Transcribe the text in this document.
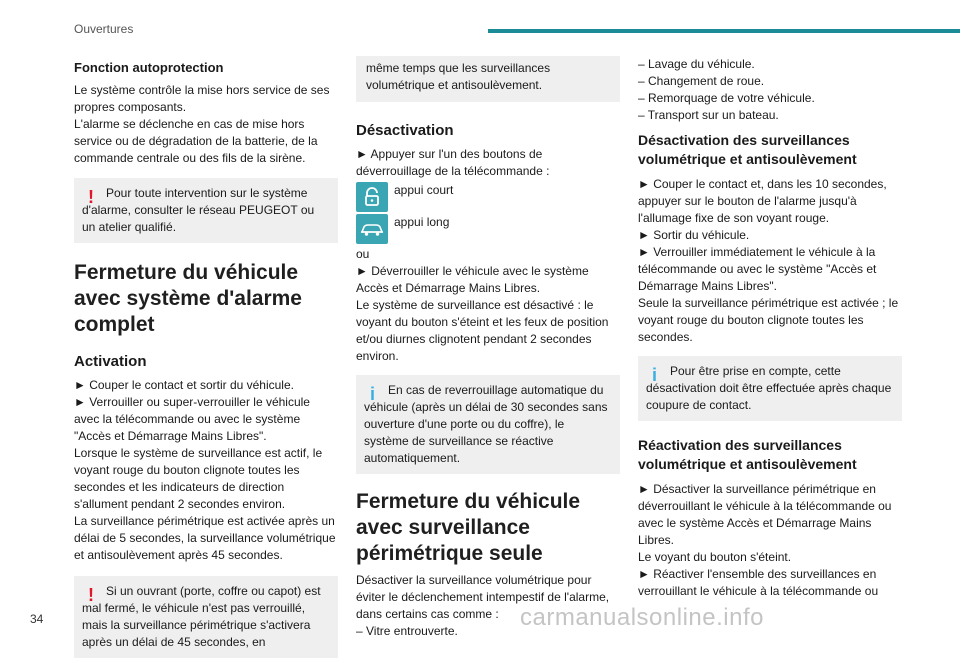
Ouvertures
Fonction autoprotection

Le système contrôle la mise hors service de ses propres composants.

L'alarme se déclenche en cas de mise hors service ou de dégradation de la batterie, de la commande centrale ou des fils de la sirène.

!	Pour toute intervention sur le système d'alarme, consulter le réseau PEUGEOT ou un atelier qualifié.

Fermeture du véhicule avec système d'alarme complet
Activation

► Couper le contact et sortir du véhicule.

► Verrouiller ou super-verrouiller le véhicule avec la télécommande ou avec le système "Accès et Démarrage Mains Libres".

Lorsque le système de surveillance est actif, le voyant rouge du bouton clignote toutes les secondes et les indicateurs de direction s'allument pendant 2 secondes environ.

La surveillance périmétrique est activée après un délai de 5 secondes, la surveillance volumétrique et antisoulèvement après 45 secondes.

!	Si un ouvrant (porte, coffre ou capot) est mal fermé, le véhicule n'est pas verrouillé, mais la surveillance périmétrique s'activera après un délai de 45 secondes, en

même temps que les surveillances volumétrique et antisoulèvement.

Désactivation

► Appuyer sur l'un des boutons de déverrouillage de la télécommande :

appui court
appui long

ou

► Déverrouiller le véhicule avec le système Accès et Démarrage Mains Libres.

Le système de surveillance est désactivé : le voyant du bouton s'éteint et les feux de position et/ou diurnes clignotent pendant 2 secondes environ.

i	En cas de reverrouillage automatique du véhicule (après un délai de 30 secondes sans ouverture d'une porte ou du coffre), le système de surveillance se réactive automatiquement.

Fermeture du véhicule avec surveillance périmétrique seule

Désactiver la surveillance volumétrique pour éviter le déclenchement intempestif de l'alarme, dans certains cas comme :

– Vitre entrouverte.

– Lavage du véhicule.

– Changement de roue.

– Remorquage de votre véhicule.

– Transport sur un bateau.

Désactivation des surveillances volumétrique et antisoulèvement

► Couper le contact et, dans les 10 secondes, appuyer sur le bouton de l'alarme jusqu'à l'allumage fixe de son voyant rouge.

► Sortir du véhicule.

► Verrouiller immédiatement le véhicule à la télécommande ou avec le système "Accès et Démarrage Mains Libres".

Seule la surveillance périmétrique est activée ; le voyant rouge du bouton clignote toutes les secondes.

i	Pour être prise en compte, cette désactivation doit être effectuée après chaque coupure de contact.

Réactivation des surveillances volumétrique et antisoulèvement

► Désactiver la surveillance périmétrique en déverrouillant le véhicule à la télécommande ou avec le système Accès et Démarrage Mains Libres.

Le voyant du bouton s'éteint.

► Réactiver l'ensemble des surveillances en verrouillant le véhicule à la télécommande ou

34	carmanualsonline.info
